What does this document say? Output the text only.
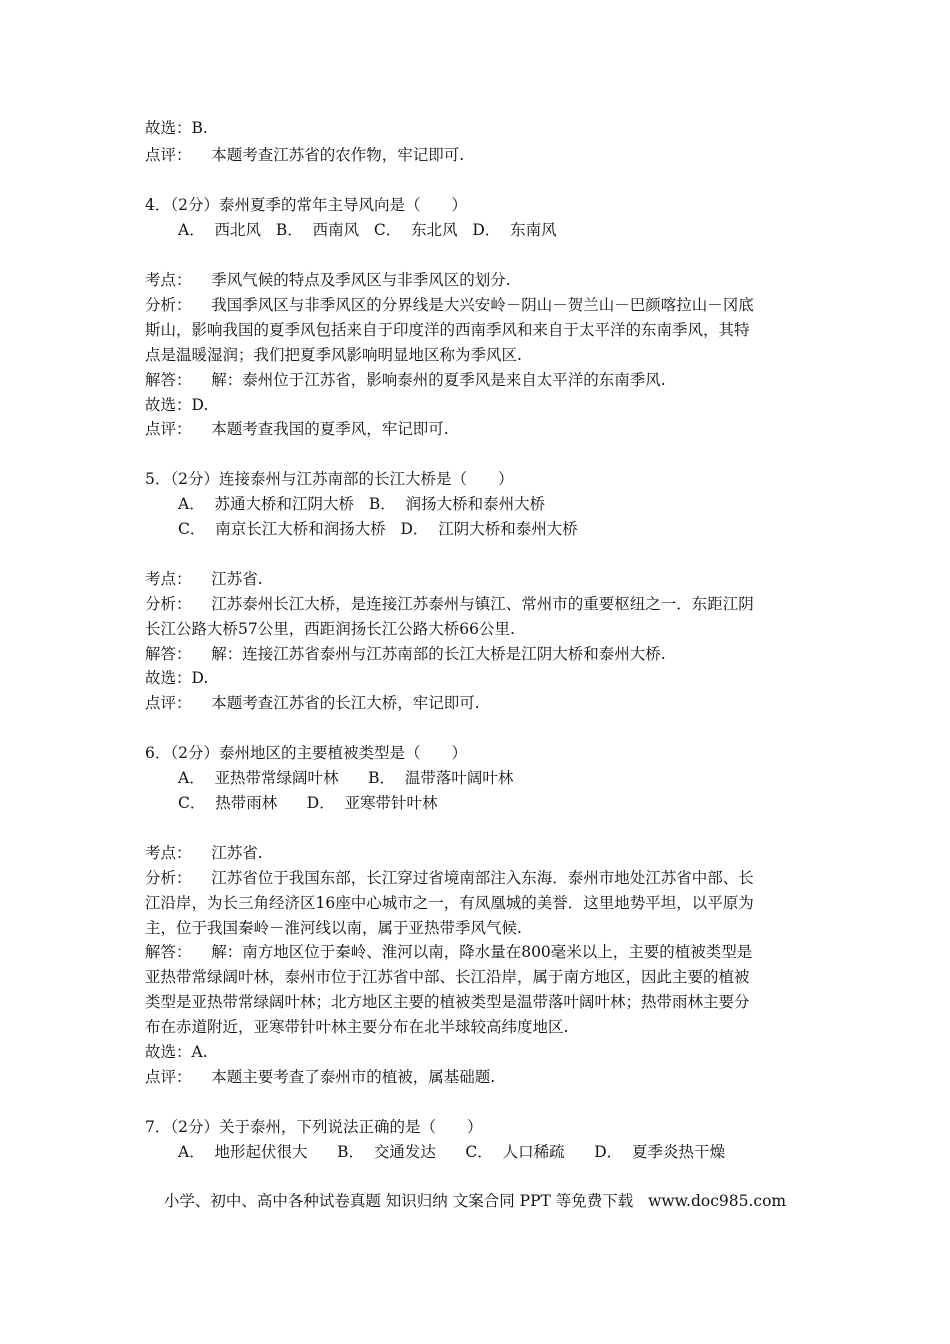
故选：B.
点评：    本题考查江苏省的农作物，牢记即可.
4．（2分）泰州夏季的常年主导风向是（　　）
A．  西北风   B．  西南风   C．  东北风   D．  东南风
考点：    季风气候的特点及季风区与非季风区的划分.
分析：    我国季风区与非季风区的分界线是大兴安岭－阴山－贺兰山－巴颜喀拉山－冈底
斯山，影响我国的夏季风包括来自于印度洋的西南季风和来自于太平洋的东南季风，其特
点是温暖湿润；我们把夏季风影响明显地区称为季风区.
解答：    解：泰州位于江苏省，影响泰州的夏季风是来自太平洋的东南季风.
故选：D.
点评：    本题考查我国的夏季风，牢记即可.
5．（2分）连接泰州与江苏南部的长江大桥是（　　）
A．  苏通大桥和江阴大桥   B．  润扬大桥和泰州大桥
C．  南京长江大桥和润扬大桥   D．  江阴大桥和泰州大桥
考点：    江苏省.
分析：    江苏泰州长江大桥，是连接江苏泰州与镇江、常州市的重要枢纽之一．东距江阴
长江公路大桥57公里，西距润扬长江公路大桥66公里.
解答：    解：连接江苏省泰州与江苏南部的长江大桥是江阴大桥和泰州大桥.
故选：D.
点评：    本题考查江苏省的长江大桥，牢记即可.
6．（2分）泰州地区的主要植被类型是（　　）
A．  亚热带常绿阔叶林      B．  温带落叶阔叶林
C．  热带雨林      D．  亚寒带针叶林
考点：    江苏省.
分析：    江苏省位于我国东部，长江穿过省境南部注入东海．泰州市地处江苏省中部、长
江沿岸，为长三角经济区16座中心城市之一，有凤凰城的美誉．这里地势平坦，以平原为
主，位于我国秦岭－淮河线以南，属于亚热带季风气候.
解答：    解：南方地区位于秦岭、淮河以南，降水量在800毫米以上，主要的植被类型是
亚热带常绿阔叶林，泰州市位于江苏省中部、长江沿岸，属于南方地区，因此主要的植被
类型是亚热带常绿阔叶林；北方地区主要的植被类型是温带落叶阔叶林；热带雨林主要分
布在赤道附近，亚寒带针叶林主要分布在北半球较高纬度地区.
故选：A.
点评：    本题主要考查了泰州市的植被，属基础题.
7．（2分）关于泰州，下列说法正确的是（　　）
A．  地形起伏很大      B．  交通发达      C．  人口稀疏      D．  夏季炎热干燥
小学、初中、高中各种试卷真题 知识归纳 文案合同 PPT 等免费下载   www.doc985.com
